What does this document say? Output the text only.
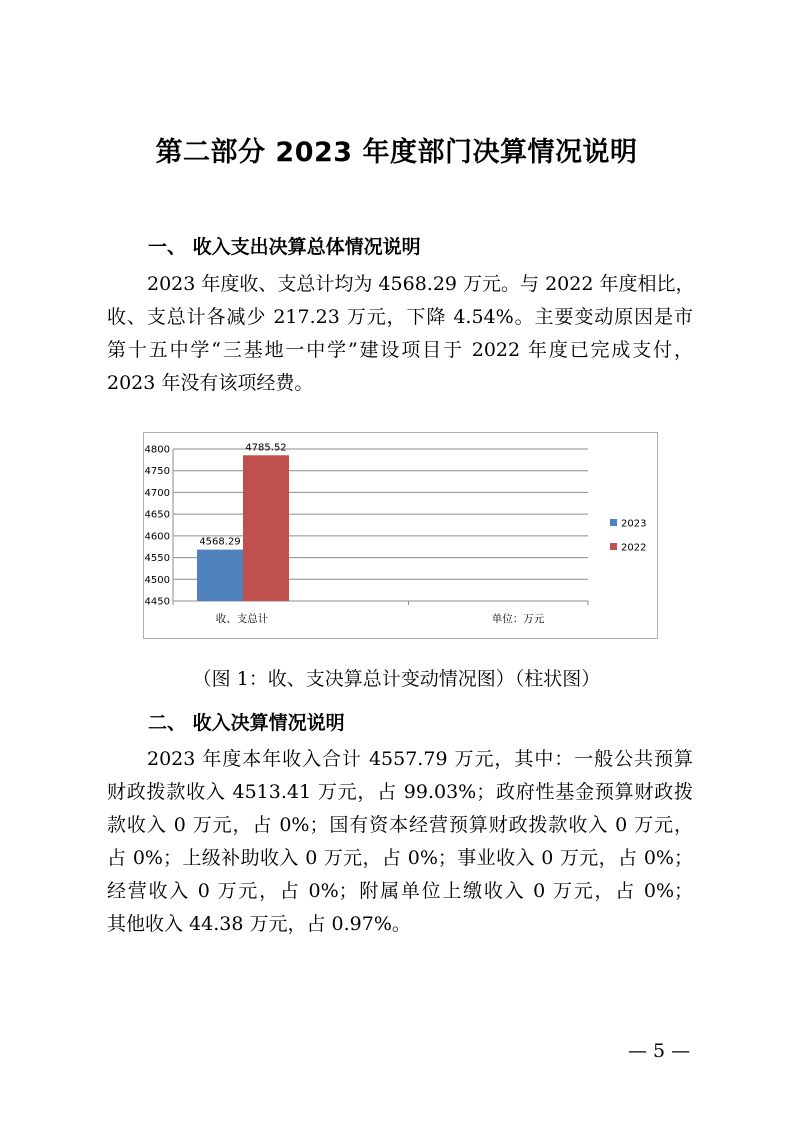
第二部分 2023 年度部门决算情况说明
一、 收入支出决算总体情况说明
2023 年度收、支总计均为 4568.29 万元。与 2022 年度相比，
收、支总计各减少 217.23 万元，下降 4.54%。主要变动原因是市
第十五中学“三基地一中学”建设项目于 2022 年度已完成支付，
2023 年没有该项经费。
4800
4750
4700
4650
4600
4550
4500
4450
4568.29
4785.52
收、支总计	单位：万元
2023
2022
（图 1：收、支决算总计变动情况图）（柱状图）
二、 收入决算情况说明
2023 年度本年收入合计 4557.79 万元，其中：一般公共预算
财政拨款收入 4513.41 万元，占 99.03%；政府性基金预算财政拨
款收入 0 万元，占 0%；国有资本经营预算财政拨款收入 0 万元，
占 0%；上级补助收入 0 万元，占 0%；事业收入 0 万元，占 0%；
经营收入 0 万元，占 0%；附属单位上缴收入 0 万元，占 0%；
其他收入 44.38 万元，占 0.97%。
— 5 —
